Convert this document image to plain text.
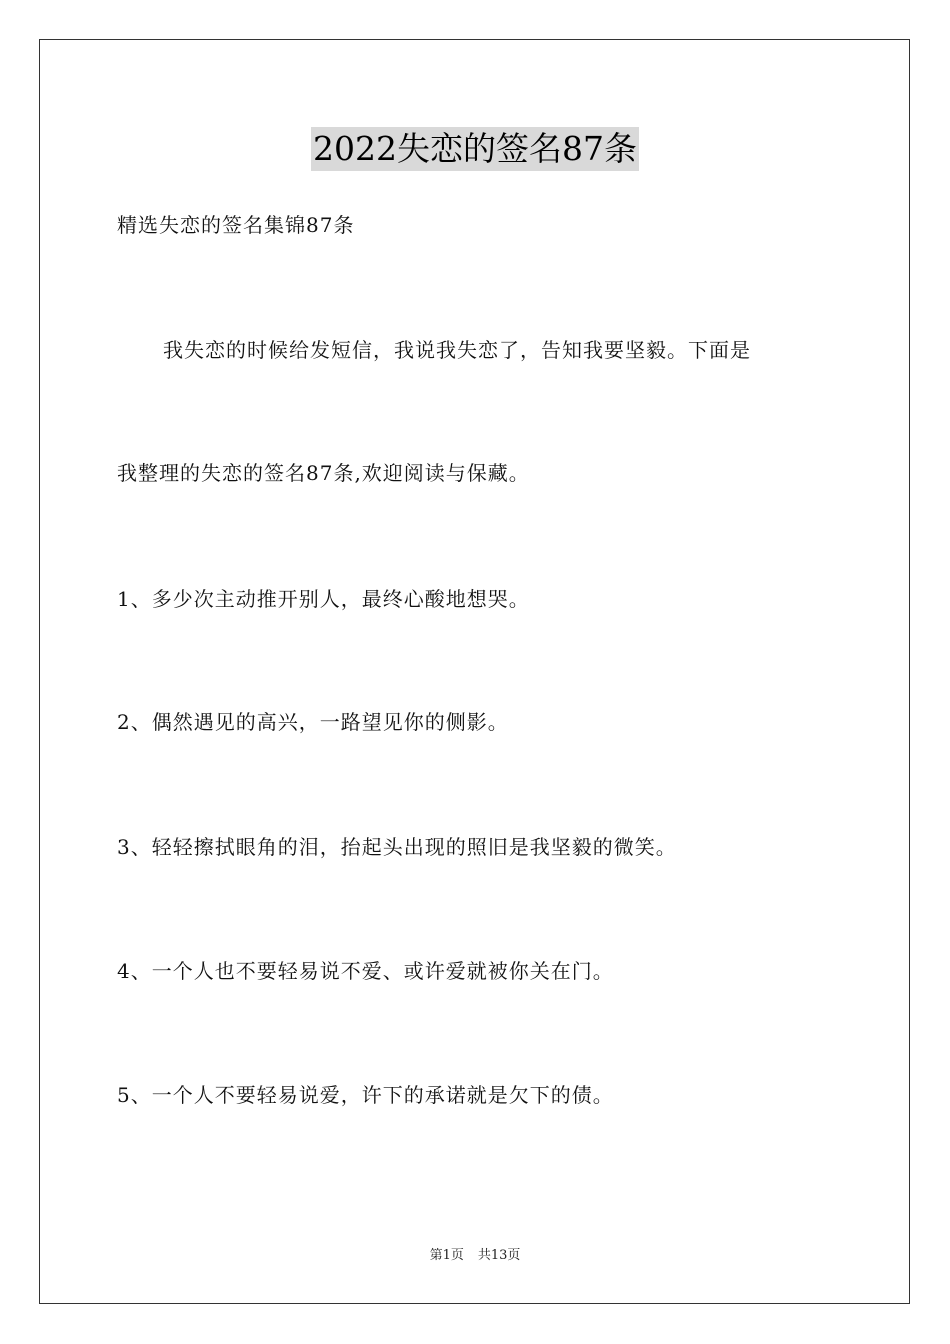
2022失恋的签名87条
精选失恋的签名集锦87条
我失恋的时候给发短信，我说我失恋了，告知我要坚毅。下面是
我整理的失恋的签名87条,欢迎阅读与保藏。
1、多少次主动推开别人，最终心酸地想哭。
2、偶然遇见的高兴，一路望见你的侧影。
3、轻轻擦拭眼角的泪，抬起头出现的照旧是我坚毅的微笑。
4、一个人也不要轻易说不爱、或许爱就被你关在门。
5、一个人不要轻易说爱，许下的承诺就是欠下的债。
第1页 共13页
